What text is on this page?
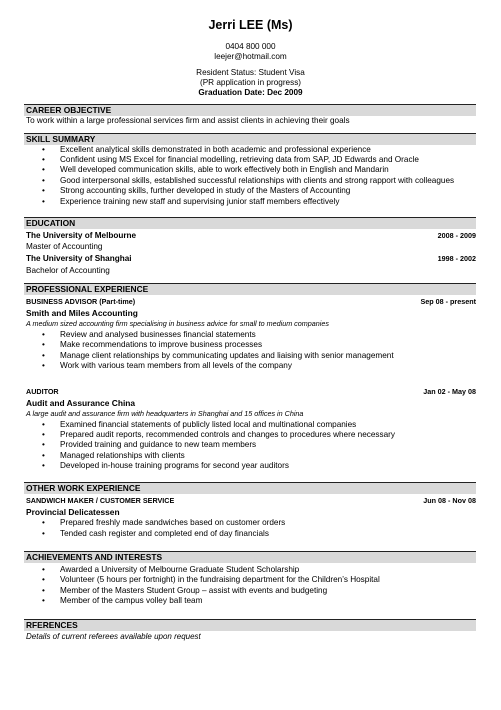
Jerri LEE (Ms)
0404 800 000
leejer@hotmail.com
Resident Status: Student Visa
(PR application in progress)
Graduation Date: Dec 2009
CAREER OBJECTIVE
To work within a large professional services firm and assist clients in achieving their goals
SKILL SUMMARY
• Excellent analytical skills demonstrated in both academic and professional experience
• Confident using MS Excel for financial modelling, retrieving data from SAP, JD Edwards and Oracle
• Well developed communication skills, able to work effectively both in English and Mandarin
• Good interpersonal skills, established successful relationships with clients and strong rapport with colleagues
• Strong accounting skills, further developed in study of the Masters of Accounting
• Experience training new staff and supervising junior staff members effectively
EDUCATION
The University of Melbourne	2008 - 2009
Master of Accounting
The University of Shanghai	1998 - 2002
Bachelor of Accounting
PROFESSIONAL EXPERIENCE
BUSINESS ADVISOR (Part-time)	Sep 08 - present
Smith and Miles Accounting
A medium sized accounting firm specialising in business advice for small to medium companies
• Review and analysed businesses financial statements
• Make recommendations to improve business processes
• Manage client relationships by communicating updates and liaising with senior management
• Work with various team members from all levels of the company
AUDITOR	Jan 02 - May 08
Audit and Assurance China
A large audit and assurance firm with headquarters in Shanghai and 15 offices in China
• Examined financial statements of publicly listed local and multinational companies
• Prepared audit reports, recommended controls and changes to procedures where necessary
• Provided training and guidance to new team members
• Managed relationships with clients
• Developed in-house training programs for second year auditors
OTHER WORK EXPERIENCE
SANDWICH MAKER / CUSTOMER SERVICE	Jun 08 - Nov 08
Provincial Delicatessen
• Prepared freshly made sandwiches based on customer orders
• Tended cash register and completed end of day financials
ACHIEVEMENTS AND INTERESTS
• Awarded a University of Melbourne Graduate Student Scholarship
• Volunteer (5 hours per fortnight) in the fundraising department for the Children’s Hospital
• Member of the Masters Student Group – assist with events and budgeting
• Member of the campus volley ball team
RFERENCES
Details of current referees available upon request
